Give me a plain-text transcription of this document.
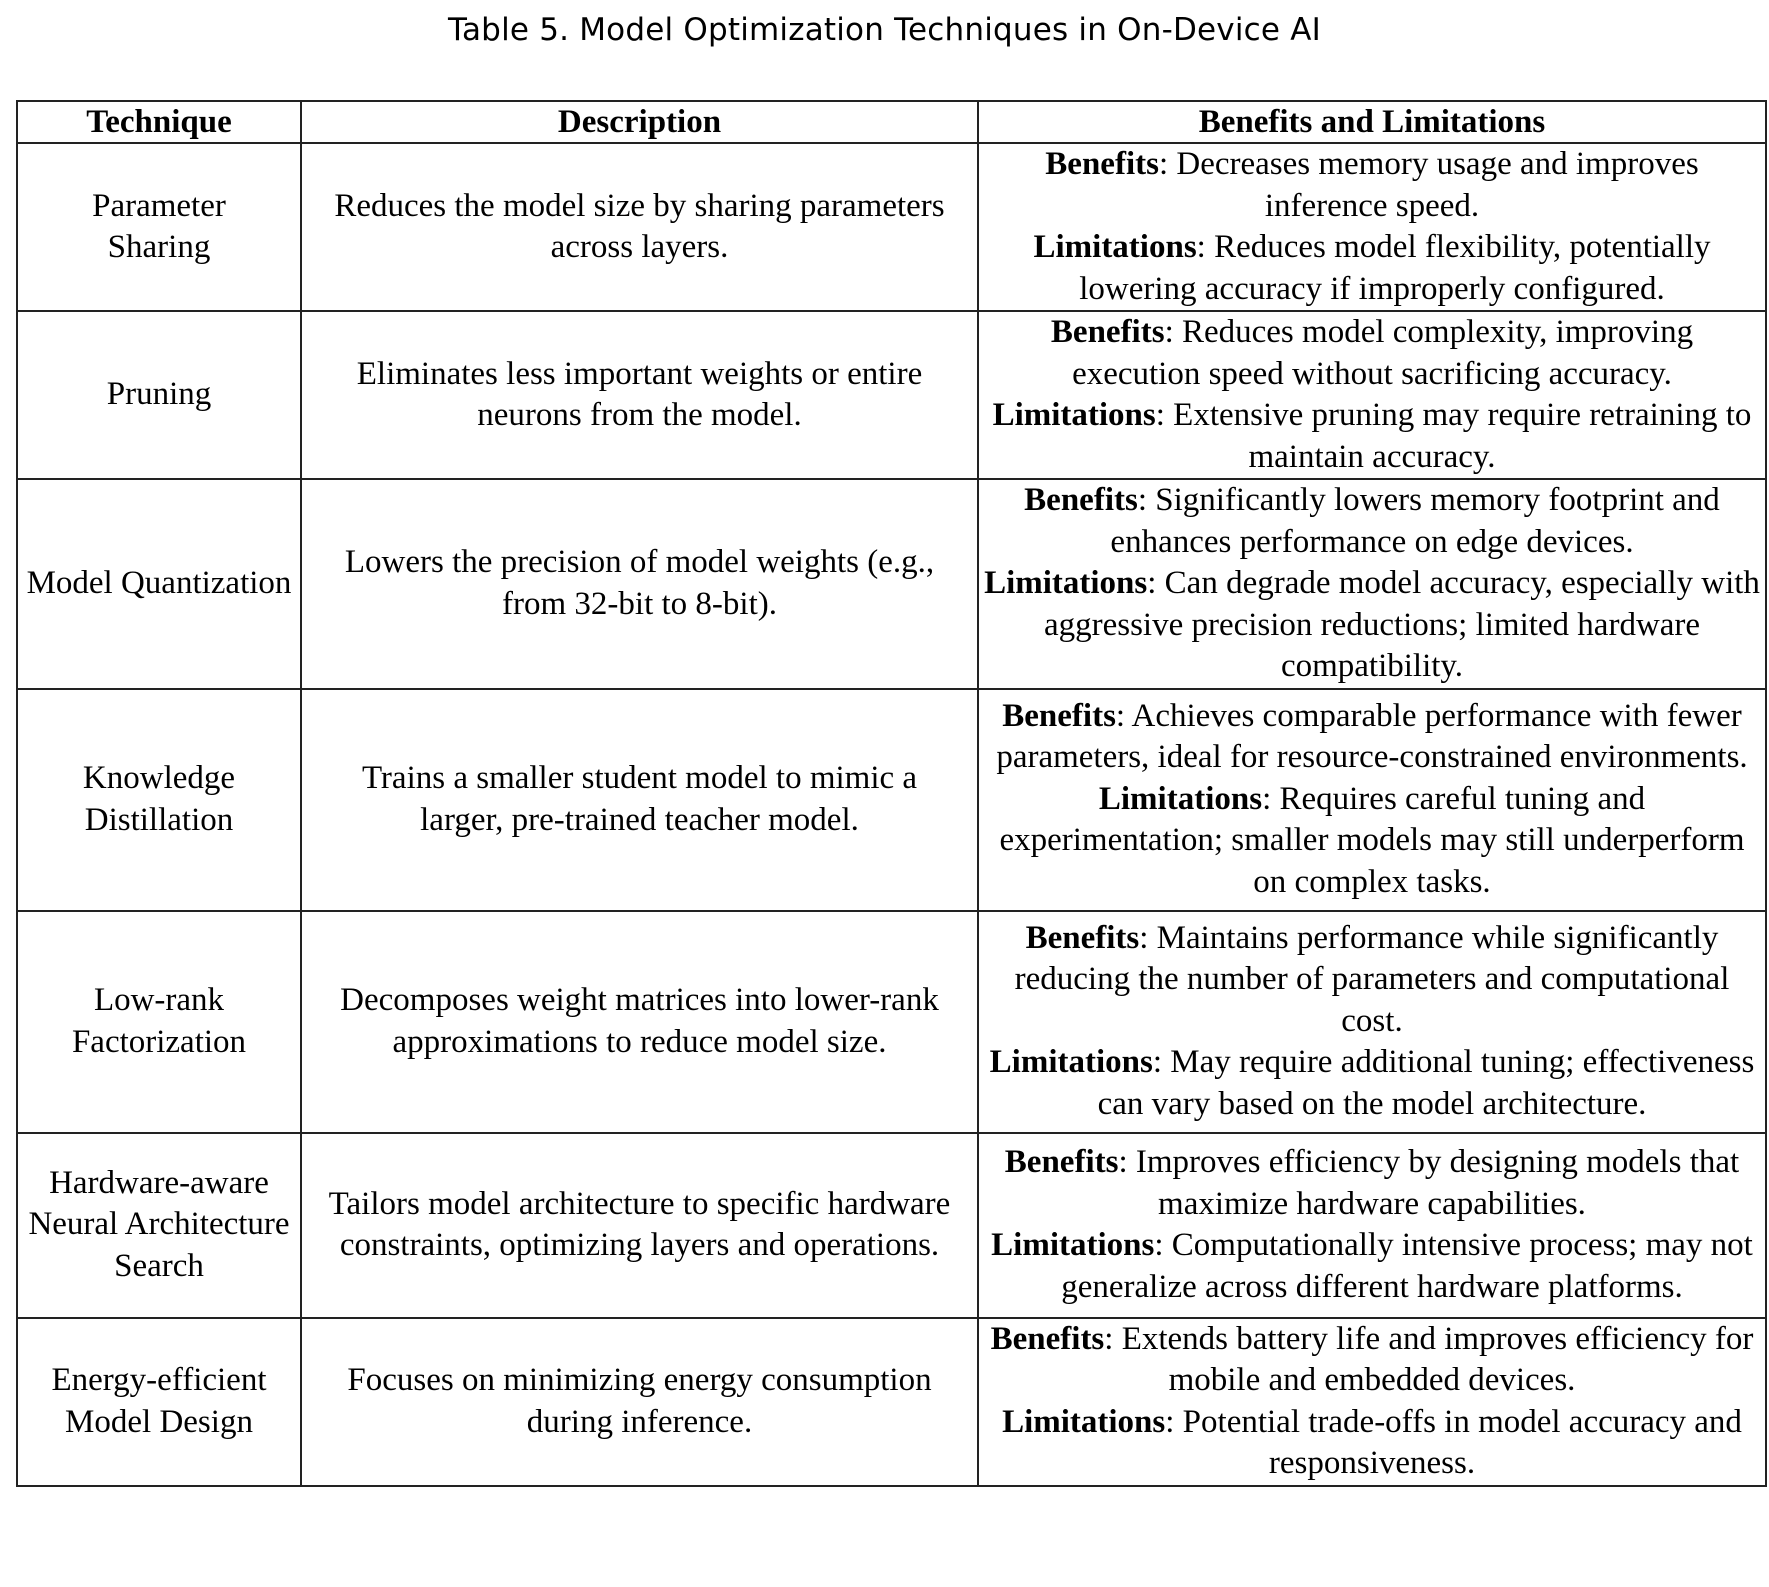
Table 5. Model Optimization Techniques in On-Device AI
Technique	Description	Benefits and Limitations
Parameter Sharing	Reduces the model size by sharing parameters across layers.	Benefits: Decreases memory usage and improves inference speed.
Limitations: Reduces model flexibility, potentially lowering accuracy if improperly configured.

Pruning	Eliminates less important weights or entire neurons from the model.	Benefits: Reduces model complexity, improving execution speed without sacrificing accuracy.
Limitations: Extensive pruning may require retraining to maintain accuracy.

Model Quantization	Lowers the precision of model weights (e.g., from 32-bit to 8-bit).	Benefits: Significantly lowers memory footprint and enhances performance on edge devices.
Limitations: Can degrade model accuracy, especially with aggressive precision reductions; limited hardware compatibility.

Knowledge Distillation	Trains a smaller student model to mimic a larger, pre-trained teacher model.	Benefits: Achieves comparable performance with fewer parameters, ideal for resource-constrained environments.
Limitations: Requires careful tuning and experimentation; smaller models may still underperform on complex tasks.

Low-rank Factorization	Decomposes weight matrices into lower-rank approximations to reduce model size.	Benefits: Maintains performance while significantly reducing the number of parameters and computational cost.
Limitations: May require additional tuning; effectiveness can vary based on the model architecture.

Hardware-aware Neural Architecture Search	Tailors model architecture to specific hardware constraints, optimizing layers and operations.	Benefits: Improves efficiency by designing models that maximize hardware capabilities.
Limitations: Computationally intensive process; may not generalize across different hardware platforms.

Energy-efficient Model Design	Focuses on minimizing energy consumption during inference.	Benefits: Extends battery life and improves efficiency for mobile and embedded devices.
Limitations: Potential trade-offs in model accuracy and responsiveness.
